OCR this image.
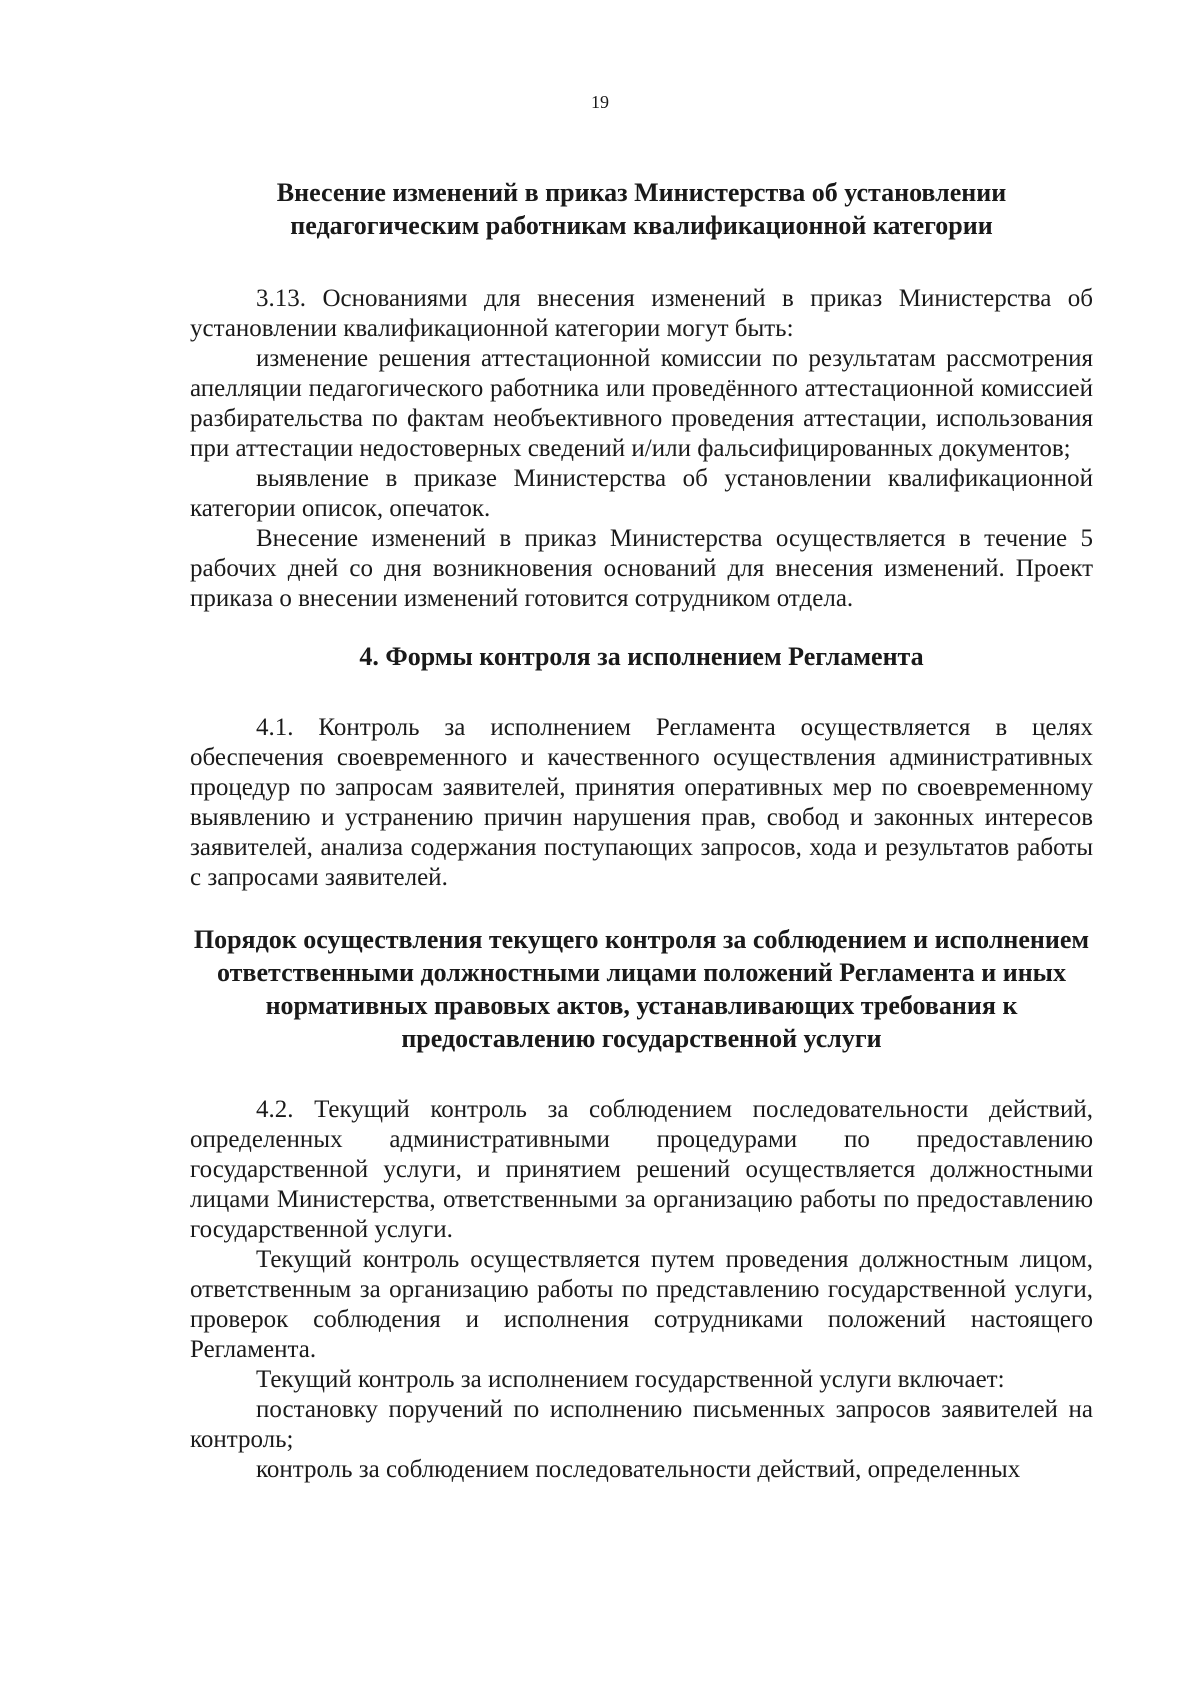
19
Внесение изменений в приказ Министерства об установлении педагогическим работникам квалификационной категории

3.13. Основаниями для внесения изменений в приказ Министерства об установлении квалификационной категории могут быть:

изменение решения аттестационной комиссии по результатам рассмотрения апелляции педагогического работника или проведённого аттестационной комиссией разбирательства по фактам необъективного проведения аттестации, использования при аттестации недостоверных сведений и/или фальсифицированных документов;

выявление в приказе Министерства об установлении квалификационной категории описок, опечаток.

Внесение изменений в приказ Министерства осуществляется в течение 5 рабочих дней со дня возникновения оснований для внесения изменений. Проект приказа о внесении изменений готовится сотрудником отдела.

4. Формы контроля за исполнением Регламента

4.1. Контроль за исполнением Регламента осуществляется в целях обеспечения своевременного и качественного осуществления административных процедур по запросам заявителей, принятия оперативных мер по своевременному выявлению и устранению причин нарушения прав, свобод и законных интересов заявителей, анализа содержания поступающих запросов, хода и результатов работы с запросами заявителей.

Порядок осуществления текущего контроля за соблюдением и исполнением ответственными должностными лицами положений Регламента и иных нормативных правовых актов, устанавливающих требования к предоставлению государственной услуги

4.2. Текущий контроль за соблюдением последовательности действий, определенных административными процедурами по предоставлению государственной услуги, и принятием решений осуществляется должностными лицами Министерства, ответственными за организацию работы по предоставлению государственной услуги.

Текущий контроль осуществляется путем проведения должностным лицом, ответственным за организацию работы по представлению государственной услуги, проверок соблюдения и исполнения сотрудниками положений настоящего Регламента.

Текущий контроль за исполнением государственной услуги включает:

постановку поручений по исполнению письменных запросов заявителей на контроль;

контроль за соблюдением последовательности действий, определенных
